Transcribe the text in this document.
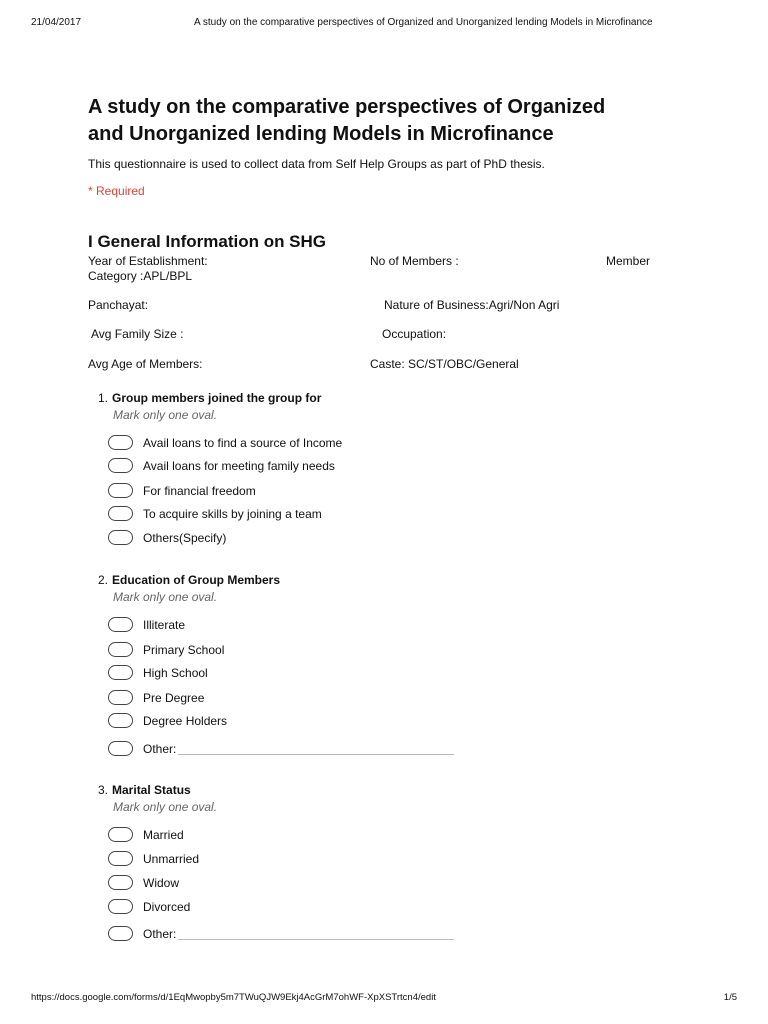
21/04/2017	A study on the comparative perspectives of Organized and Unorganized lending Models in Microfinance
A study on the comparative perspectives of Organized
and Unorganized lending Models in Microfinance
This questionnaire is used to collect data from Self Help Groups as part of PhD thesis.
* Required
I General Information on SHG
Year of Establishment:	No of Members :	Member
Category :APL/BPL
Panchayat:	Nature of Business:Agri/Non Agri
Avg Family Size :	Occupation:
Avg Age of Members:	Caste: SC/ST/OBC/General
1. Group members joined the group for
Mark only one oval.
Avail loans to find a source of Income
Avail loans for meeting family needs
For financial freedom
To acquire skills by joining a team
Others(Specify)
2. Education of Group Members
Mark only one oval.
Illiterate
Primary School
High School
Pre Degree
Degree Holders
Other:
3. Marital Status
Mark only one oval.
Married
Unmarried
Widow
Divorced
Other:
https://docs.google.com/forms/d/1EqMwopby5m7TWuQJW9Ekj4AcGrM7ohWF-XpXSTrtcn4/edit	1/5
